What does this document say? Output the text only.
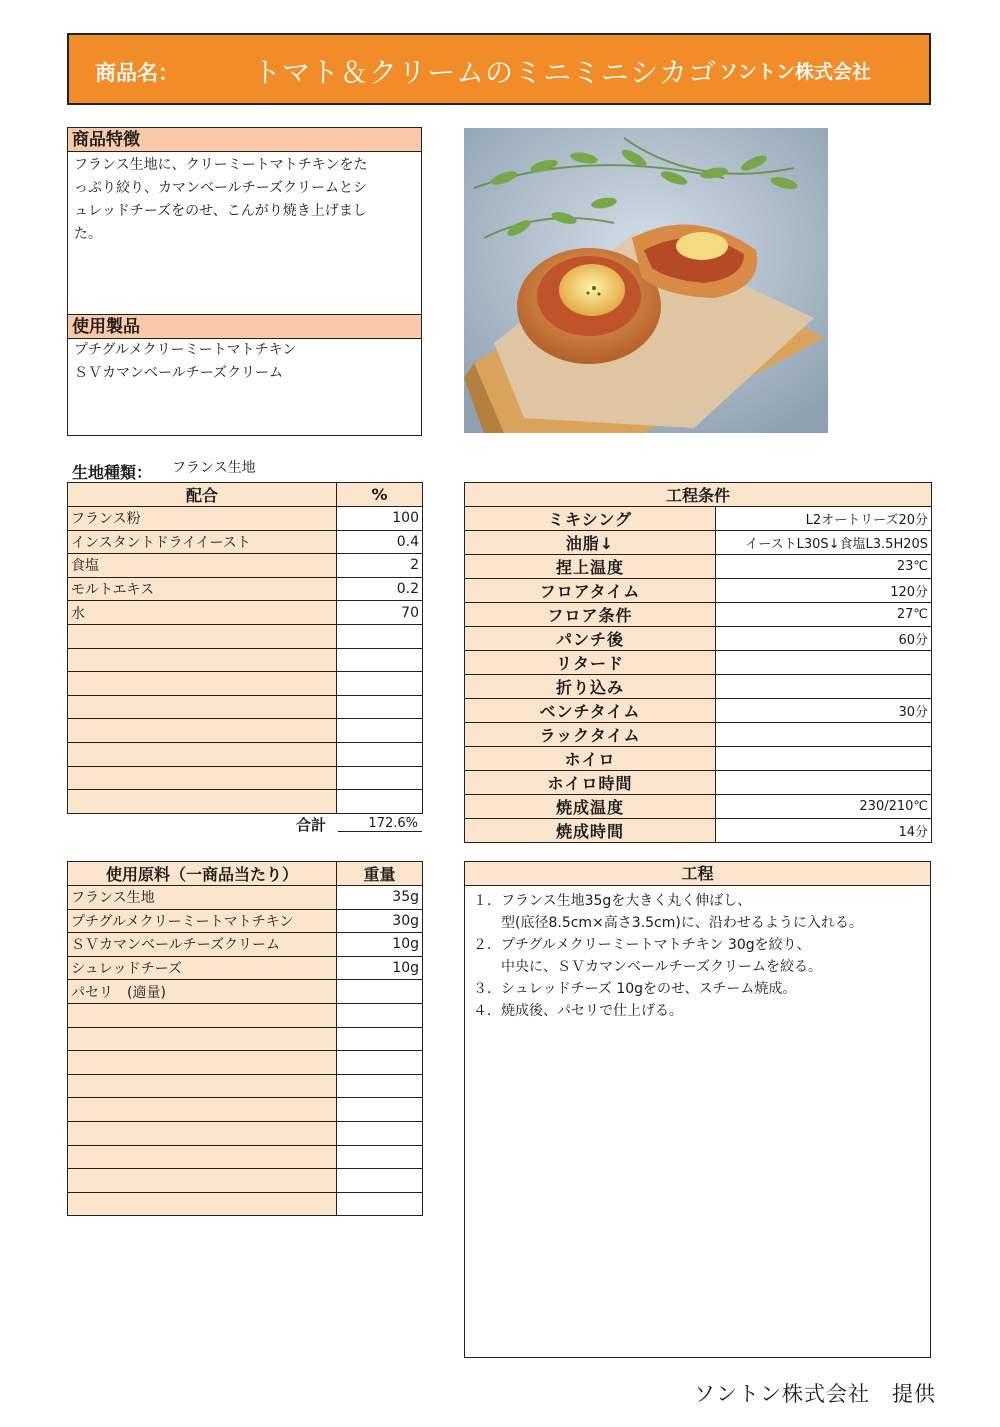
商品名：	トマト＆クリームのミニミニシカゴ ソントン株式会社
商品特徴
フランス生地に、クリーミートマトチキンをた
っぷり絞り、カマンベールチーズクリームとシ
ュレッドチーズをのせ、こんがり焼き上げまし
た。
使用製品
プチグルメクリーミートマトチキン
ＳＶカマンベールチーズクリーム
生地種類： フランス生地
配合	%
フランス粉	100
インスタントドライイースト	0.4
食塩	2
モルトエキス	0.2
水	70

合計	172.6%
工程条件	
ミキシング	L2オートリーズ20分
油脂↓	イーストL30S↓食塩L3.5H20S
捏上温度	23℃
フロアタイム	120分
フロア条件	27℃
パンチ後	60分
リタード	
折り込み	
ベンチタイム	30分
ラックタイム	
ホイロ	
ホイロ時間	
焼成温度	230/210℃
焼成時間	14分
使用原料（一商品当たり）	重量
フランス生地	35g
プチグルメクリーミートマトチキン	30g
ＳＶカマンベールチーズクリーム	10g
シュレッドチーズ	10g
パセリ　(適量)	

工程
１．フランス生地35gを大きく丸く伸ばし、
型(底径8.5cm×高さ3.5cm)に、沿わせるように入れる。
２．プチグルメクリーミートマトチキン 30gを絞り、
中央に、ＳＶカマンベールチーズクリームを絞る。
３．シュレッドチーズ 10gをのせ、スチーム焼成。
４．焼成後、パセリで仕上げる。
ソントン株式会社　提供
